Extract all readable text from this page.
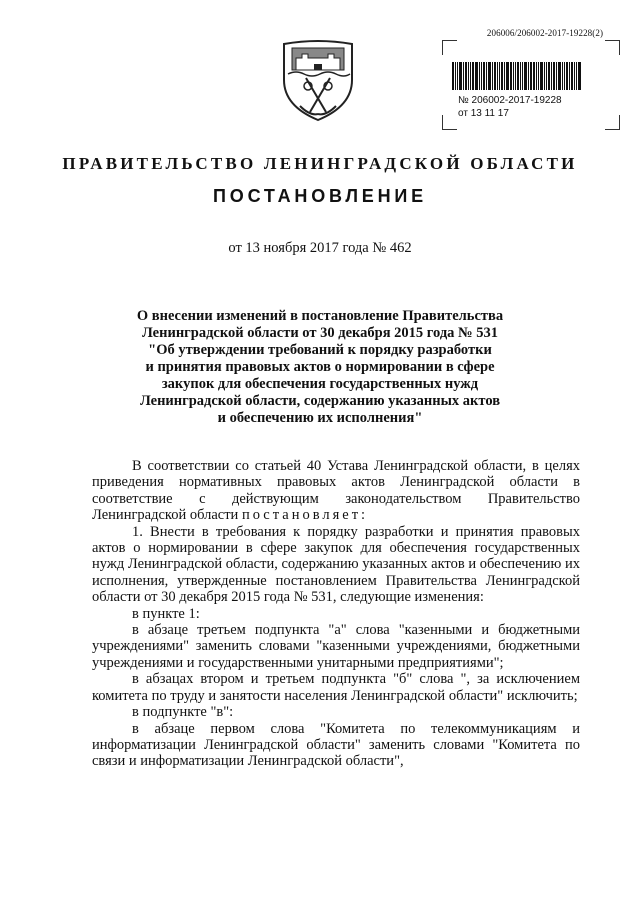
206006/206002-2017-19228(2)
№ 206002-2017-19228
от 13 11 17
ПРАВИТЕЛЬСТВО ЛЕНИНГРАДСКОЙ ОБЛАСТИ
ПОСТАНОВЛЕНИЕ
от 13 ноября 2017 года № 462
О внесении изменений в постановление Правительства
Ленинградской области от 30 декабря 2015 года № 531
"Об утверждении требований к порядку разработки
и принятия правовых актов о нормировании в сфере
закупок для обеспечения государственных нужд
Ленинградской области, содержанию указанных актов
и обеспечению их исполнения"

В соответствии со статьей 40 Устава Ленинградской области, в целях приведения нормативных правовых актов Ленинградской области в соответствие с действующим законодательством Правительство Ленинградской области постановляет:

1. Внести в требования к порядку разработки и принятия правовых актов о нормировании в сфере закупок для обеспечения государственных нужд Ленинградской области, содержанию указанных актов и обеспечению их исполнения, утвержденные постановлением Правительства Ленинградской области от 30 декабря 2015 года № 531, следующие изменения:

в пункте 1:

в абзаце третьем подпункта "а" слова "казенными и бюджетными учреждениями" заменить словами "казенными учреждениями, бюджетными учреждениями и государственными унитарными предприятиями";

в абзацах втором и третьем подпункта "б" слова ", за исключением комитета по труду и занятости населения Ленинградской области" исключить;

в подпункте "в":

в абзаце первом слова "Комитета по телекоммуникациям и информатизации Ленинградской области" заменить словами "Комитета по связи и информатизации Ленинградской области",
